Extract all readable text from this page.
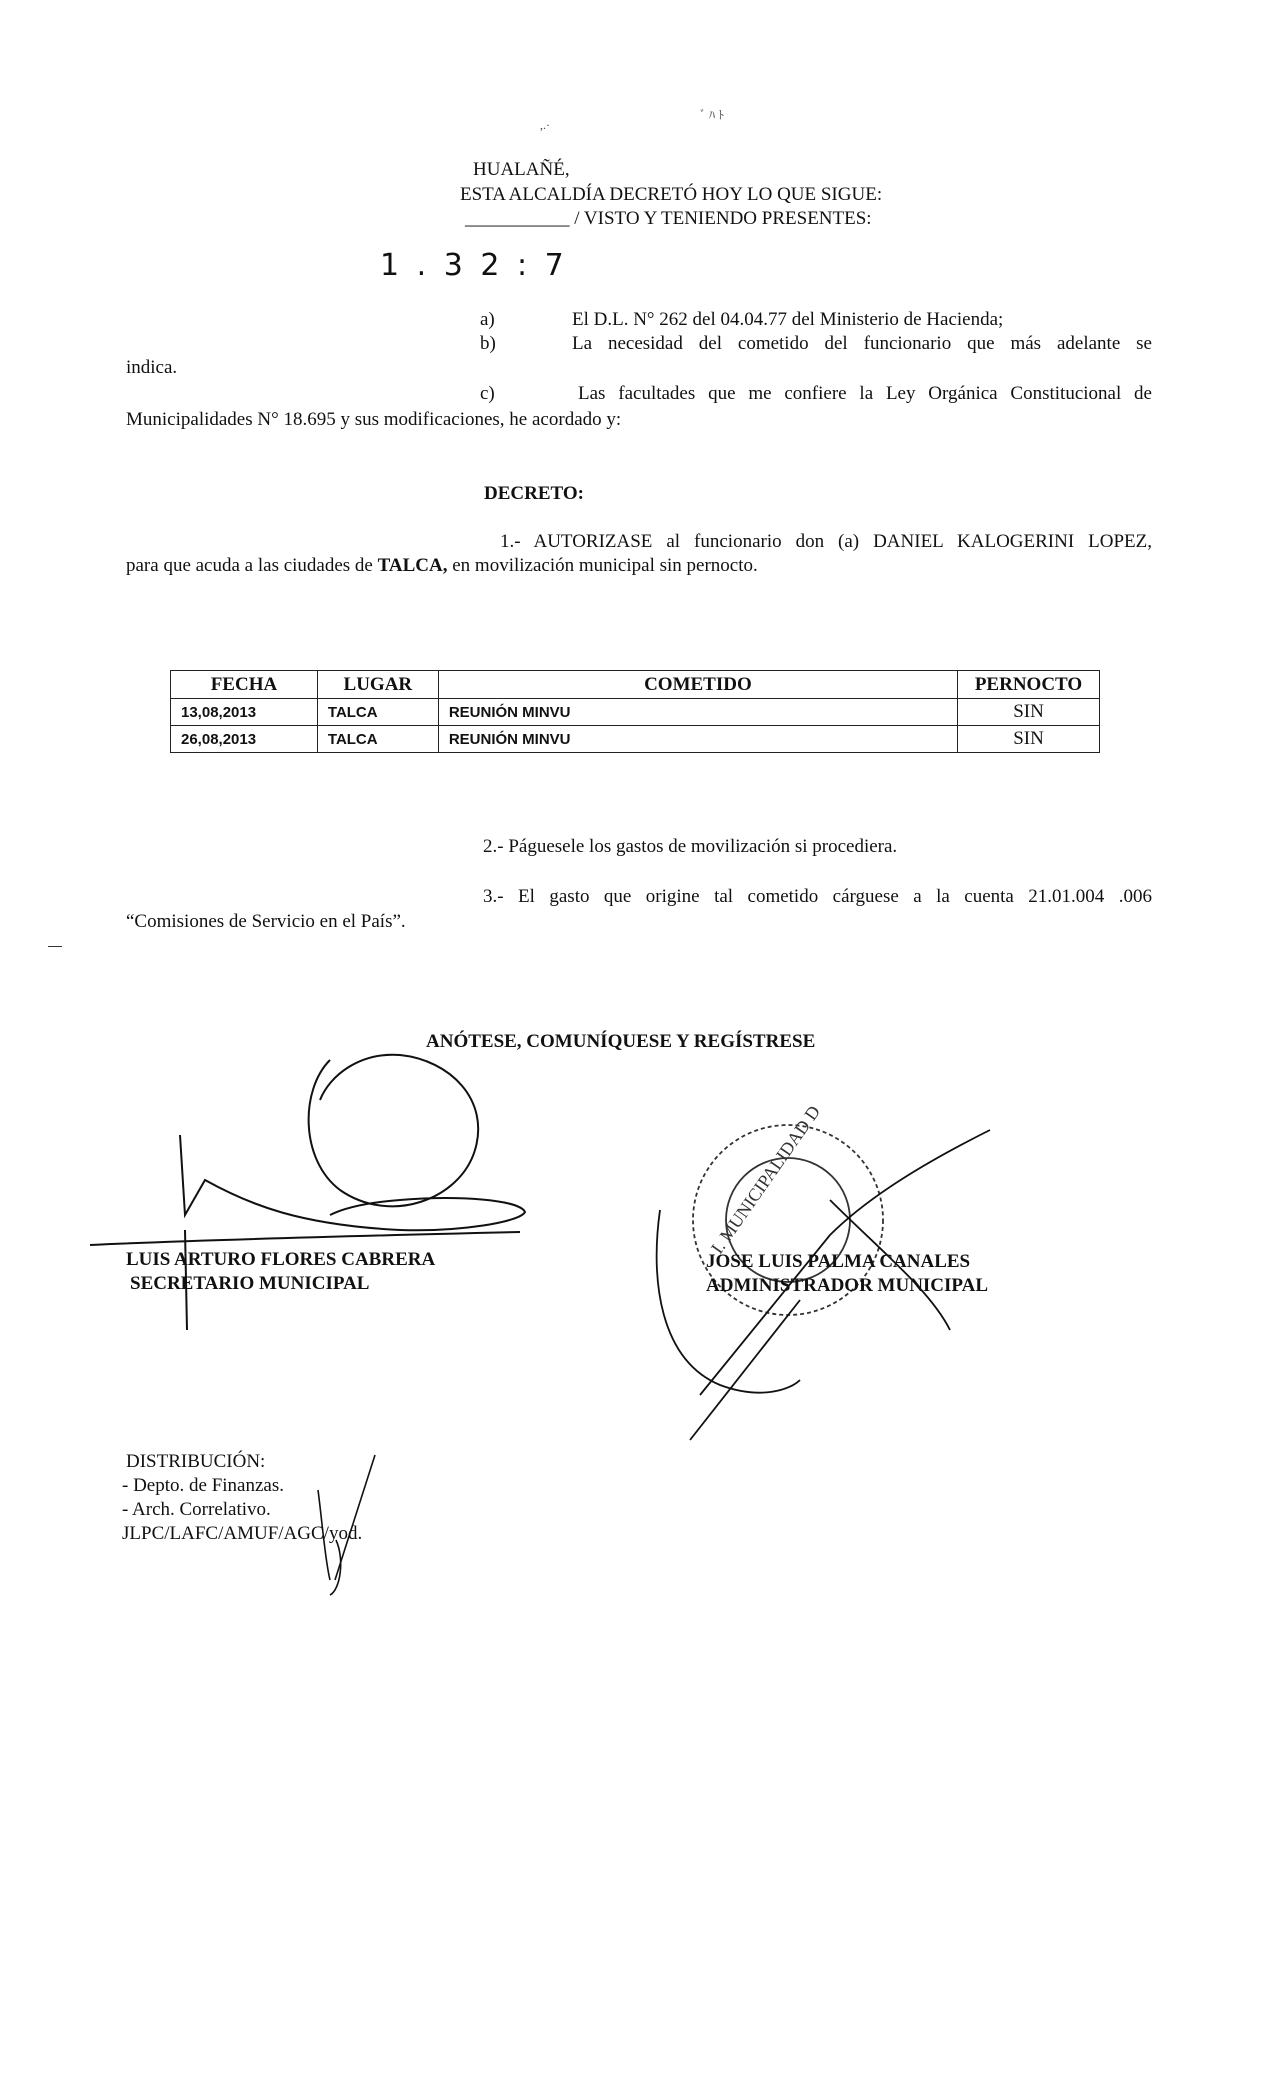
,.·
ﾞ ﾊ ﾄ
HUALAÑÉ,
ESTA ALCALDÍA DECRETÓ HOY LO QUE SIGUE:
___________ / VISTO Y TENIENDO PRESENTES:
1 . 3 2 : 7
a)	El D.L. N° 262 del 04.04.77 del Ministerio de Hacienda;
b)	La necesidad del cometido del funcionario que más adelante se
indica.
c)	Las facultades que me confiere la Ley Orgánica Constitucional de
Municipalidades N° 18.695 y sus modificaciones, he acordado y:
DECRETO:
1.- AUTORIZASE al funcionario don (a) DANIEL KALOGERINI LOPEZ,
para que acuda a las ciudades de TALCA, en movilización municipal sin pernocto.
FECHA	LUGAR	COMETIDO	PERNOCTO
13,08,2013	TALCA	REUNIÓN MINVU	SIN
26,08,2013	TALCA	REUNIÓN MINVU	SIN
2.- Páguesele los gastos de movilización si procediera.
3.- El gasto que origine tal cometido cárguese a la cuenta 21.01.004 .006
“Comisiones de Servicio en el País”.
ANÓTESE, COMUNÍQUESE Y REGÍSTRESE
I. MUNICIPALIDAD D
LUIS ARTURO FLORES CABRERA
SECRETARIO MUNICIPAL
JOSE LUIS PALMA CANALES
ADMINISTRADOR MUNICIPAL
DISTRIBUCIÓN:
- Depto. de Finanzas.
- Arch. Correlativo.
JLPC/LAFC/AMUF/AGC/yod.
